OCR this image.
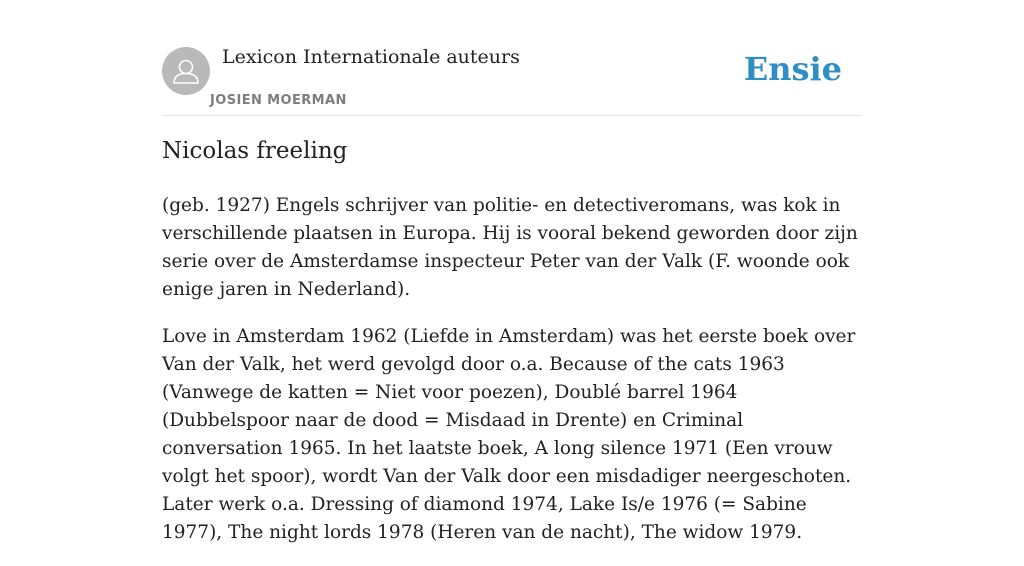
Lexicon Internationale auteurs
JOSIEN MOERMAN
Ensie
Nicolas freeling

(geb. 1927) Engels schrijver van politie- en detectiveromans, was kok in verschillende plaatsen in Europa. Hij is vooral bekend geworden door zijn serie over de Amsterdamse inspecteur Peter van der Valk (F. woonde ook enige jaren in Nederland).

Love in Amsterdam 1962 (Liefde in Amsterdam) was het eerste boek over Van der Valk, het werd gevolgd door o.a. Because of the cats 1963 (Vanwege de katten = Niet voor poezen), Doublé barrel 1964 (Dubbelspoor naar de dood = Misdaad in Drente) en Criminal conversation 1965. In het laatste boek, A long silence 1971 (Een vrouw volgt het spoor), wordt Van der Valk door een misdadiger neergeschoten. Later werk o.a. Dressing of diamond 1974, Lake Is/e 1976 (= Sabine 1977), The night lords 1978 (Heren van de nacht), The widow 1979.
